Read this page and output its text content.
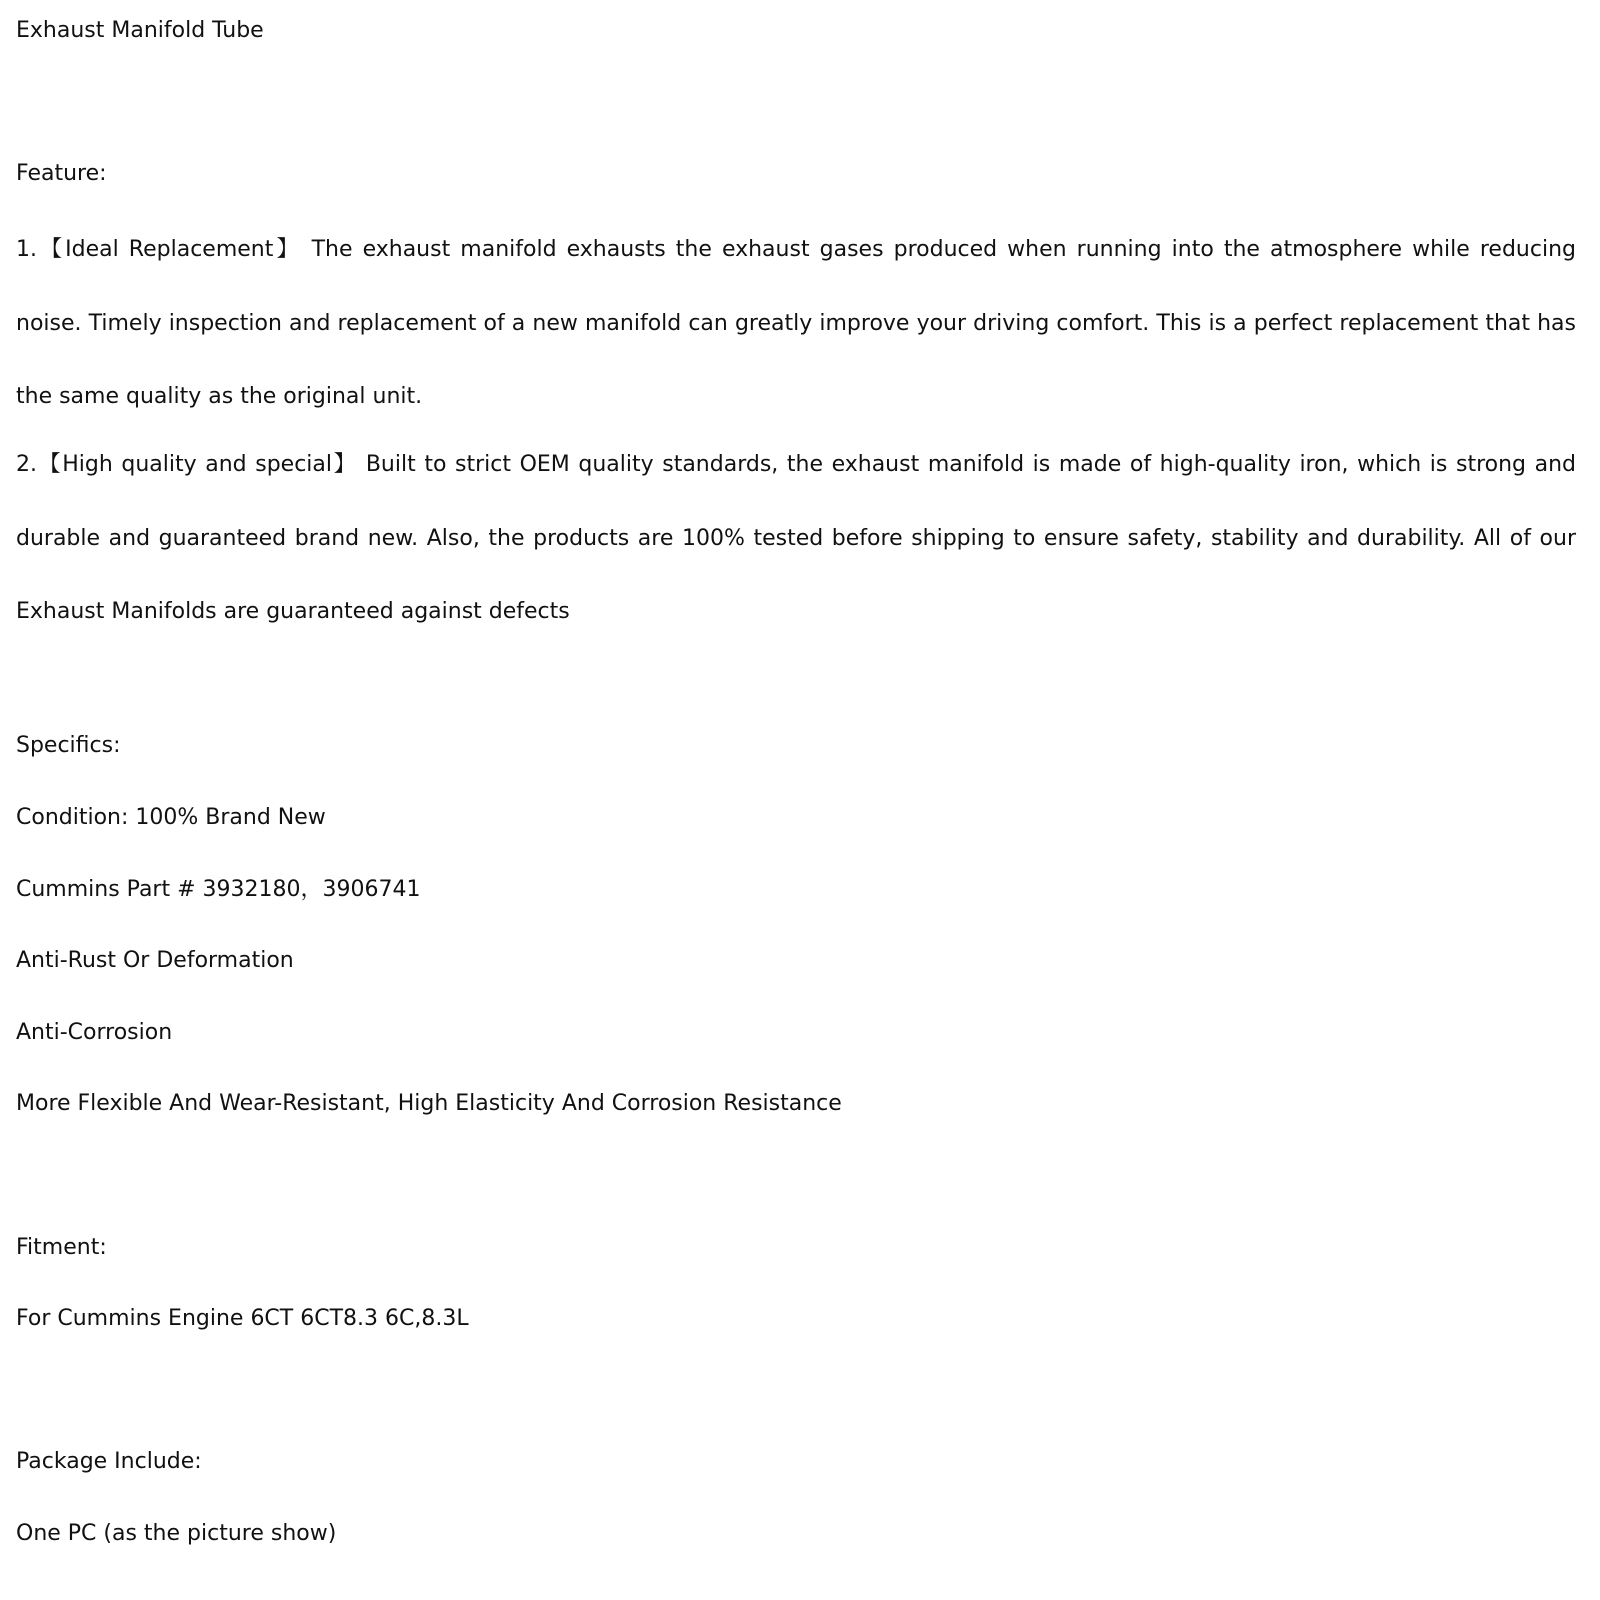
Exhaust Manifold Tube
Feature:
1.【Ideal Replacement】 The exhaust manifold exhausts the exhaust gases produced when running into the atmosphere while reducing noise. Timely inspection and replacement of a new manifold can greatly improve your driving comfort. This is a perfect replacement that has the same quality as the original unit.
2.【High quality and special】 Built to strict OEM quality standards, the exhaust manifold is made of high-quality iron, which is strong and durable and guaranteed brand new. Also, the products are 100% tested before shipping to ensure safety, stability and durability. All of our Exhaust Manifolds are guaranteed against defects
Specifics:
Condition: 100% Brand New
Cummins Part # 3932180，3906741
Anti-Rust Or Deformation
Anti-Corrosion
More Flexible And Wear-Resistant, High Elasticity And Corrosion Resistance
Fitment:
For Cummins Engine 6CT 6CT8.3 6C,8.3L
Package Include:
One PC (as the picture show)
